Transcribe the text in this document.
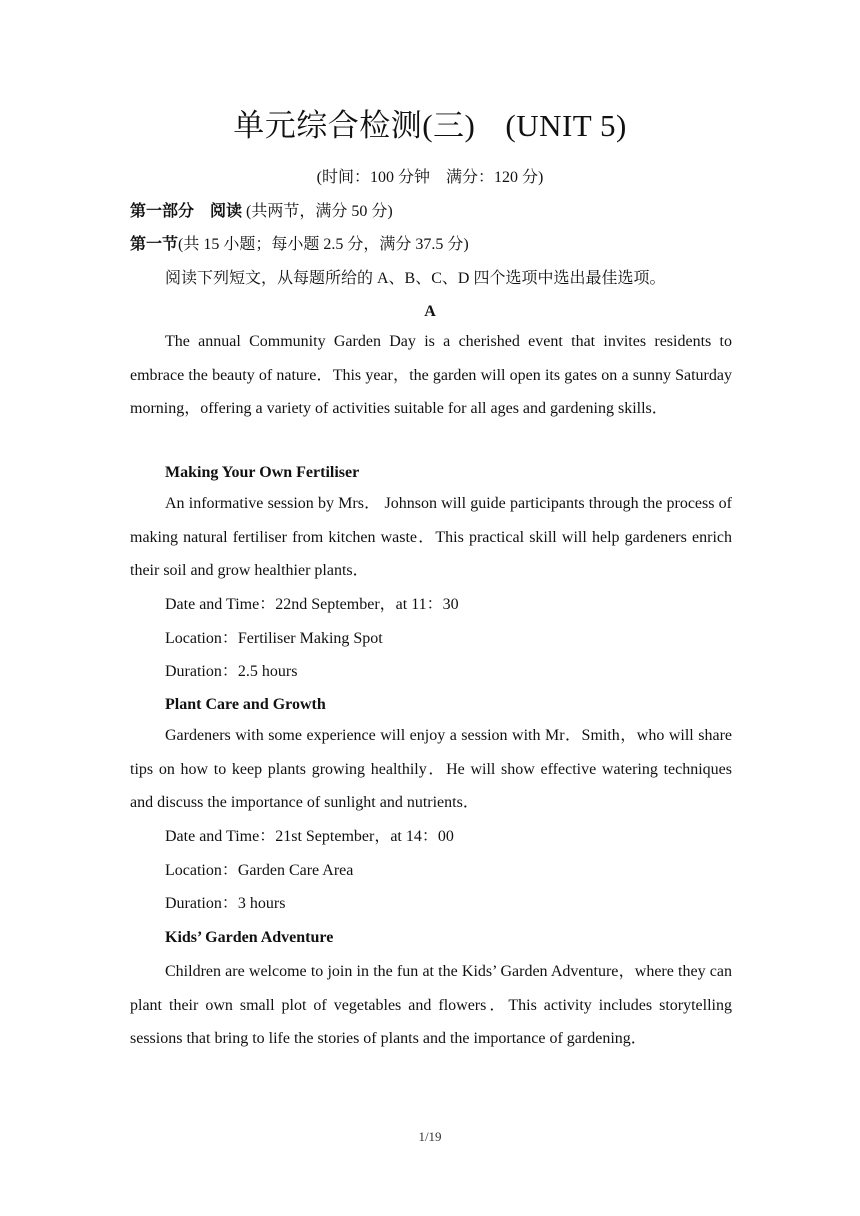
单元综合检测(三) (UNIT 5)
(时间：100 分钟    满分：120 分)
第一部分    阅读 (共两节，满分 50 分)
第一节(共 15 小题；每小题 2.5 分，满分 37.5 分)
阅读下列短文，从每题所给的 A、B、C、D 四个选项中选出最佳选项。
A
The annual Community Garden Day is a cherished event that invites residents to embrace the beauty of nature．This year，the garden will open its gates on a sunny Saturday morning，offering a variety of activities suitable for all ages and gardening skills．
Making Your Own Fertiliser
An informative session by Mrs． Johnson will guide participants through the process of making natural fertiliser from kitchen waste．This practical skill will help gardeners enrich their soil and grow healthier plants．
Date and Time：22nd September，at 11：30
Location：Fertiliser Making Spot
Duration：2.5 hours
Plant Care and Growth
Gardeners with some experience will enjoy a session with Mr．Smith，who will share tips on how to keep plants growing healthily．He will show effective watering techniques and discuss the importance of sunlight and nutrients．
Date and Time：21st September，at 14：00
Location：Garden Care Area
Duration：3 hours
Kids’ Garden Adventure
Children are welcome to join in the fun at the Kids’ Garden Adventure，where they can plant their own small plot of vegetables and flowers．This activity includes storytelling sessions that bring to life the stories of plants and the importance of gardening．
1/19
